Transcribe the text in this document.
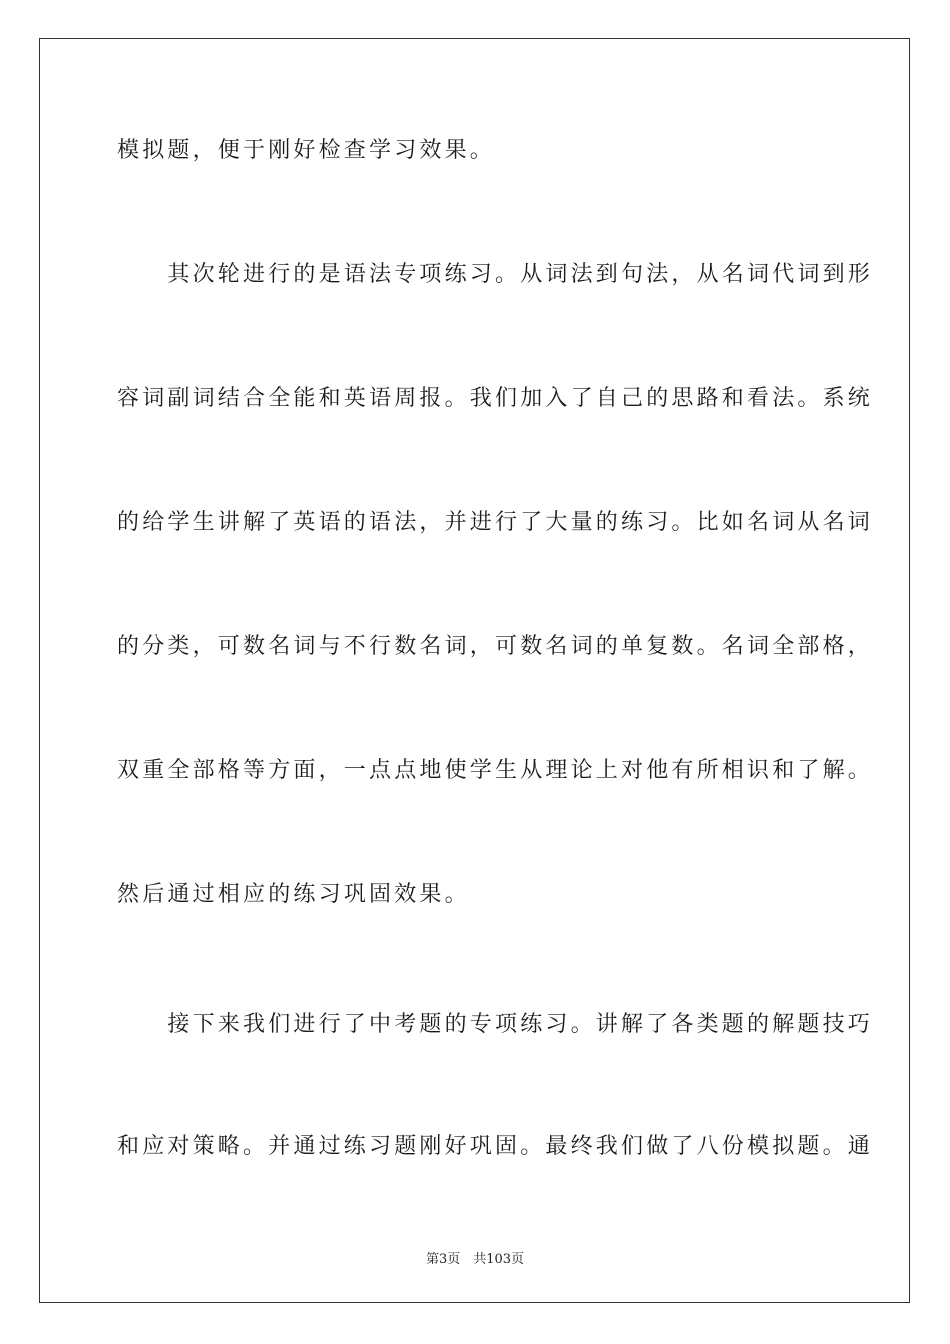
模拟题，便于刚好检查学习效果。
　　其次轮进行的是语法专项练习。从词法到句法，从名词代词到形
容词副词结合全能和英语周报。我们加入了自己的思路和看法。系统
的给学生讲解了英语的语法，并进行了大量的练习。比如名词从名词
的分类，可数名词与不行数名词，可数名词的单复数。名词全部格，
双重全部格等方面，一点点地使学生从理论上对他有所相识和了解。
然后通过相应的练习巩固效果。
　　接下来我们进行了中考题的专项练习。讲解了各类题的解题技巧
和应对策略。并通过练习题刚好巩固。最终我们做了八份模拟题。通
第3页　共103页
